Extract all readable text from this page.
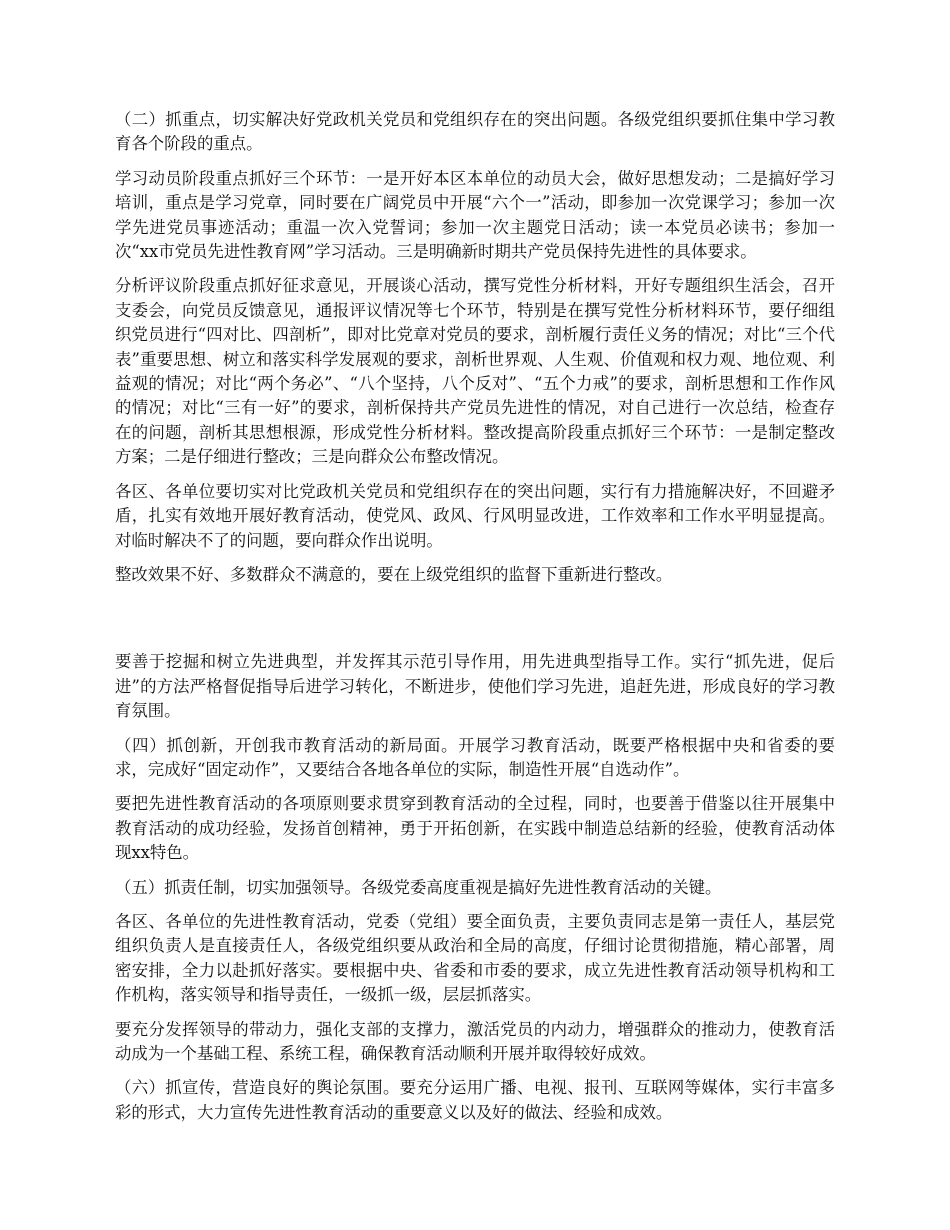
（二）抓重点，切实解决好党政机关党员和党组织存在的突出问题。各级党组织要抓住集中学习教育各个阶段的重点。

学习动员阶段重点抓好三个环节：一是开好本区本单位的动员大会，做好思想发动；二是搞好学习培训，重点是学习党章，同时要在广阔党员中开展“六个一”活动，即参加一次党课学习；参加一次学先进党员事迹活动；重温一次入党誓词；参加一次主题党日活动；读一本党员必读书；参加一次“xx市党员先进性教育网”学习活动。三是明确新时期共产党员保持先进性的具体要求。

分析评议阶段重点抓好征求意见，开展谈心活动，撰写党性分析材料，开好专题组织生活会，召开支委会，向党员反馈意见，通报评议情况等七个环节，特别是在撰写党性分析材料环节，要仔细组织党员进行“四对比、四剖析”，即对比党章对党员的要求，剖析履行责任义务的情况；对比“三个代表”重要思想、树立和落实科学发展观的要求，剖析世界观、人生观、价值观和权力观、地位观、利益观的情况；对比“两个务必”、“八个坚持，八个反对”、“五个力戒”的要求，剖析思想和工作作风的情况；对比“三有一好”的要求，剖析保持共产党员先进性的情况，对自己进行一次总结，检查存在的问题，剖析其思想根源，形成党性分析材料。整改提高阶段重点抓好三个环节：一是制定整改方案；二是仔细进行整改；三是向群众公布整改情况。

各区、各单位要切实对比党政机关党员和党组织存在的突出问题，实行有力措施解决好，不回避矛盾，扎实有效地开展好教育活动，使党风、政风、行风明显改进，工作效率和工作水平明显提高。对临时解决不了的问题，要向群众作出说明。

整改效果不好、多数群众不满意的，要在上级党组织的监督下重新进行整改。

要善于挖掘和树立先进典型，并发挥其示范引导作用，用先进典型指导工作。实行“抓先进，促后进”的方法严格督促指导后进学习转化，不断进步，使他们学习先进，追赶先进，形成良好的学习教育氛围。

（四）抓创新，开创我市教育活动的新局面。开展学习教育活动，既要严格根据中央和省委的要求，完成好“固定动作”，又要结合各地各单位的实际，制造性开展“自选动作”。

要把先进性教育活动的各项原则要求贯穿到教育活动的全过程，同时，也要善于借鉴以往开展集中教育活动的成功经验，发扬首创精神，勇于开拓创新，在实践中制造总结新的经验，使教育活动体现xx特色。

（五）抓责任制，切实加强领导。各级党委高度重视是搞好先进性教育活动的关键。

各区、各单位的先进性教育活动，党委（党组）要全面负责，主要负责同志是第一责任人，基层党组织负责人是直接责任人，各级党组织要从政治和全局的高度，仔细讨论贯彻措施，精心部署，周密安排，全力以赴抓好落实。要根据中央、省委和市委的要求，成立先进性教育活动领导机构和工作机构，落实领导和指导责任，一级抓一级，层层抓落实。

要充分发挥领导的带动力，强化支部的支撑力，激活党员的内动力，增强群众的推动力，使教育活动成为一个基础工程、系统工程，确保教育活动顺利开展并取得较好成效。

（六）抓宣传，营造良好的舆论氛围。要充分运用广播、电视、报刊、互联网等媒体，实行丰富多彩的形式，大力宣传先进性教育活动的重要意义以及好的做法、经验和成效。
